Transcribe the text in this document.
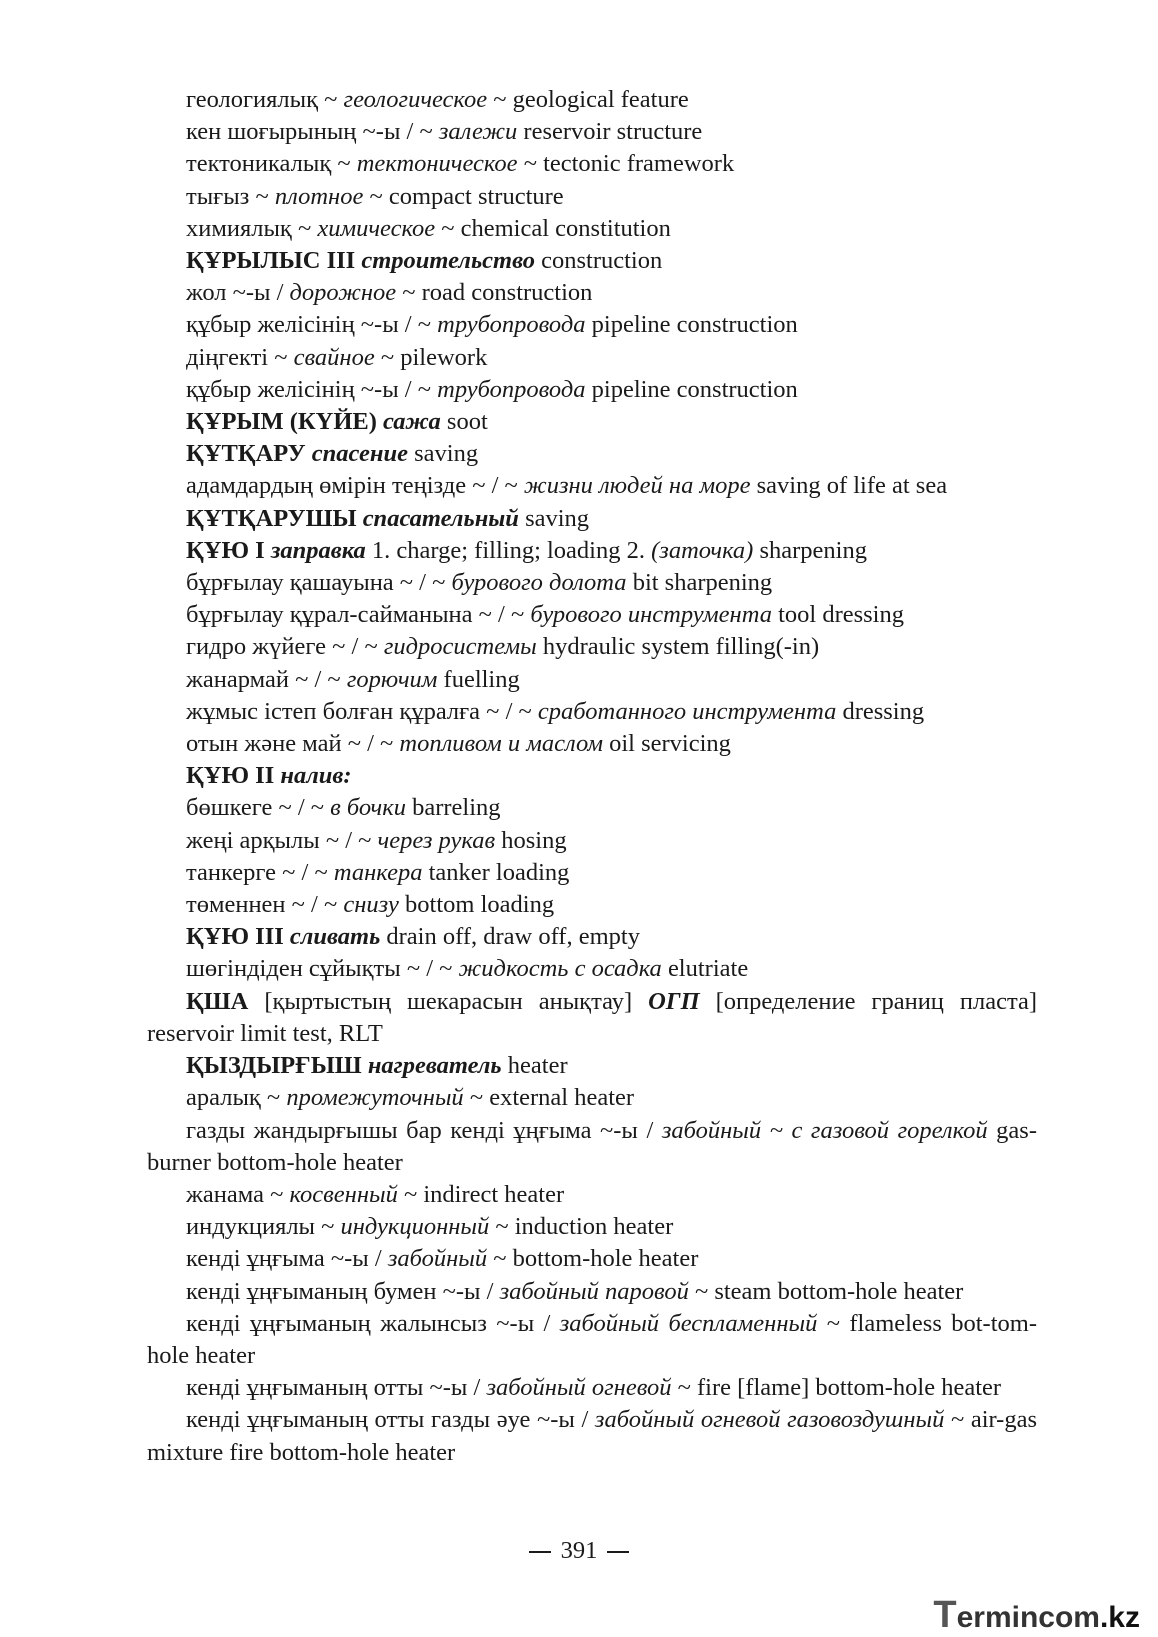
геологиялық ~ геологическое ~ geological feature

кен шоғырының ~-ы / ~ залежи reservoir structure

тектоникалық ~ тектоническое ~ tectonic framework

тығыз ~ плотное ~ compact structure

химиялық ~ химическое ~ chemical constitution

ҚҰРЫЛЫС III строительство construction

жол ~-ы / дорожное ~ road construction

құбыр желісінің ~-ы / ~ трубопровода pipeline construction

діңгекті ~ свайное ~ pilework

құбыр желісінің ~-ы / ~ трубопровода pipeline construction

ҚҰРЫМ (КҮЙЕ) сажа soot

ҚҰТҚАРУ спасение saving

адамдардың өмірін теңізде ~ / ~ жизни людей на море saving of life at sea

ҚҰТҚАРУШЫ спасательный saving

ҚҰЮ I заправка 1. charge; filling; loading 2. (заточка) sharpening

бұрғылау қашауына ~ / ~ бурового долота bit sharpening

бұрғылау құрал-сайманына ~ / ~ бурового инструмента tool dressing

гидро жүйеге ~ / ~ гидросистемы hydraulic system filling(-in)

жанармай ~ / ~ горючим fuelling

жұмыс істеп болған құралға ~ / ~ сработанного инструмента dressing

отын және май ~ / ~ топливом и маслом oil servicing

ҚҰЮ II налив:

бөшкеге ~ / ~ в бочки barreling

жеңі арқылы ~ / ~ через рукав hosing

танкерге ~ / ~ танкера tanker loading

төменнен ~ / ~ снизу bottom loading

ҚҰЮ III сливать drain off, draw off, empty

шөгіндіден сұйықты ~ / ~ жидкость с осадка elutriate

ҚША [қыртыстың шекарасын анықтау] ОГП [определение границ пласта] reservoir limit test, RLT

ҚЫЗДЫРҒЫШ нагреватель heater

аралық ~ промежуточный ~ external heater

газды жандырғышы бар кенді ұңғыма ~-ы / забойный ~ с газовой горелкой gas-burner bottom-hole heater

жанама ~ косвенный ~ indirect heater

индукциялы ~ индукционный ~ induction heater

кенді ұңғыма ~-ы / забойный ~ bottom-hole heater

кенді ұңғыманың бумен ~-ы / забойный паровой ~ steam bottom-hole heater

кенді ұңғыманың жалынсыз ~-ы / забойный беспламенный ~ flameless bot-tom-hole heater

кенді ұңғыманың отты ~-ы / забойный огневой ~ fire [flame] bottom-hole heater

кенді ұңғыманың отты газды әуе ~-ы / забойный огневой газовоздушный ~ air-gas mixture fire bottom-hole heater

391
Termincom.kz
